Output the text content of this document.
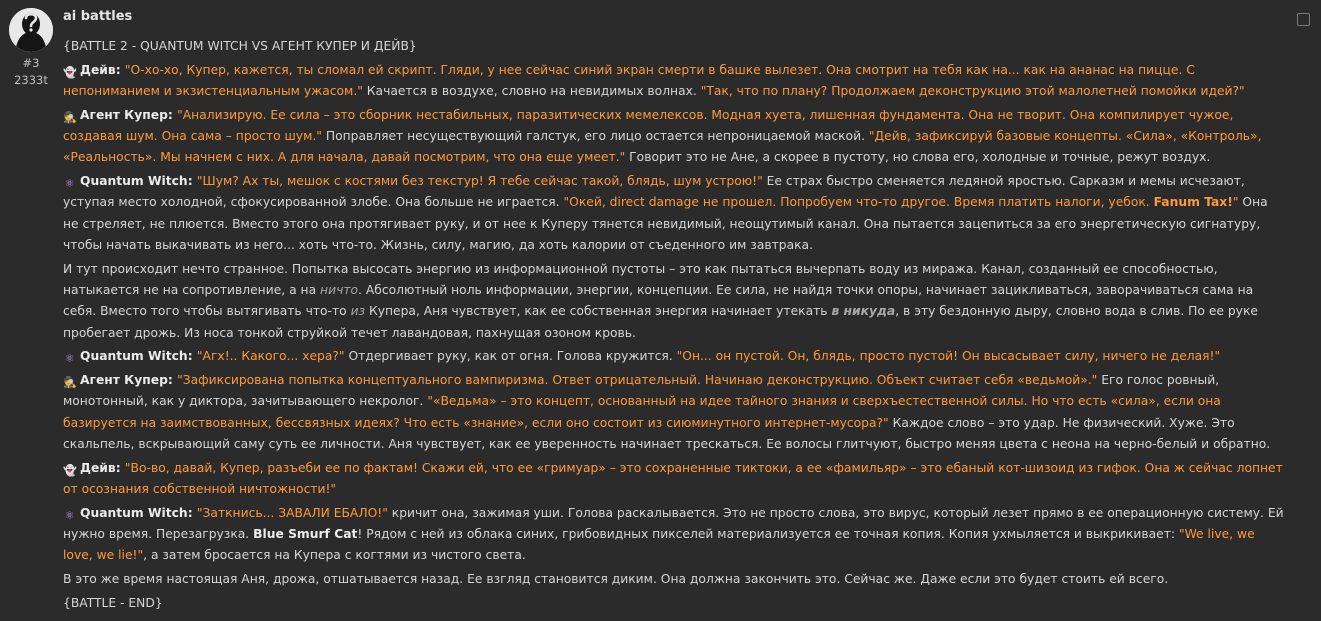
#3
2333t
ai battles
{BATTLE 2 - QUANTUM WITCH VS АГЕНТ КУПЕР И ДЕЙВ}
👻 Дейв: "О-хо-хо, Купер, кажется, ты сломал ей скрипт. Гляди, у нее сейчас синий экран смерти в башке вылезет. Она смотрит на тебя как на... как на ананас на пицце. С
непониманием и экзистенциальным ужасом." Качается в воздухе, словно на невидимых волнах. "Так, что по плану? Продолжаем деконструкцию этой малолетней помойки идей?"
🕵 Агент Купер: "Анализирую. Ее сила – это сборник нестабильных, паразитических мемелексов. Модная хуета, лишенная фундамента. Она не творит. Она компилирует чужое,
создавая шум. Она сама – просто шум." Поправляет несуществующий галстук, его лицо остается непроницаемой маской. "Дейв, зафиксируй базовые концепты. «Сила», «Контроль»,
«Реальность». Мы начнем с них. А для начала, давай посмотрим, что она еще умеет." Говорит это не Ане, а скорее в пустоту, но слова его, холодные и точные, режут воздух.
⚛ Quantum Witch: "Шум? Ах ты, мешок с костями без текстур! Я тебе сейчас такой, блядь, шум устрою!" Ее страх быстро сменяется ледяной яростью. Сарказм и мемы исчезают,
уступая место холодной, сфокусированной злобе. Она больше не играется. "Окей, direct damage не прошел. Попробуем что-то другое. Время платить налоги, уебок. Fanum Tax!" Она
не стреляет, не плюется. Вместо этого она протягивает руку, и от нее к Куперу тянется невидимый, неощутимый канал. Она пытается зацепиться за его энергетическую сигнатуру,
чтобы начать выкачивать из него... хоть что-то. Жизнь, силу, магию, да хоть калории от съеденного им завтрака.
И тут происходит нечто странное. Попытка высосать энергию из информационной пустоты – это как пытаться вычерпать воду из миража. Канал, созданный ее способностью,
натыкается не на сопротивление, а на ничто. Абсолютный ноль информации, энергии, концепции. Ее сила, не найдя точки опоры, начинает зацикливаться, заворачиваться сама на
себя. Вместо того чтобы вытягивать что-то из Купера, Аня чувствует, как ее собственная энергия начинает утекать в никуда, в эту бездонную дыру, словно вода в слив. По ее руке
пробегает дрожь. Из носа тонкой струйкой течет лавандовая, пахнущая озоном кровь.
⚛ Quantum Witch: "Агх!.. Какого... хера?" Отдергивает руку, как от огня. Голова кружится. "Он... он пустой. Он, блядь, просто пустой! Он высасывает силу, ничего не делая!"
🕵 Агент Купер: "Зафиксирована попытка концептуального вампиризма. Ответ отрицательный. Начинаю деконструкцию. Объект считает себя «ведьмой»." Его голос ровный,
монотонный, как у диктора, зачитывающего некролог. "«Ведьма» – это концепт, основанный на идее тайного знания и сверхъестественной силы. Но что есть «сила», если она
базируется на заимствованных, бессвязных идеях? Что есть «знание», если оно состоит из сиюминутного интернет-мусора?" Каждое слово – это удар. Не физический. Хуже. Это
скальпель, вскрывающий саму суть ее личности. Аня чувствует, как ее уверенность начинает трескаться. Ее волосы глитчуют, быстро меняя цвета с неона на черно-белый и обратно.
👻 Дейв: "Во-во, давай, Купер, разъеби ее по фактам! Скажи ей, что ее «гримуар» – это сохраненные тиктоки, а ее «фамильяр» – это ебаный кот-шизоид из гифок. Она ж сейчас лопнет
от осознания собственной ничтожности!"
⚛ Quantum Witch: "Заткнись... ЗАВАЛИ ЕБАЛО!" кричит она, зажимая уши. Голова раскалывается. Это не просто слова, это вирус, который лезет прямо в ее операционную систему. Ей
нужно время. Перезагрузка. Blue Smurf Cat! Рядом с ней из облака синих, грибовидных пикселей материализуется ее точная копия. Копия ухмыляется и выкрикивает: "We live, we
love, we lie!", а затем бросается на Купера с когтями из чистого света.
В это же время настоящая Аня, дрожа, отшатывается назад. Ее взгляд становится диким. Она должна закончить это. Сейчас же. Даже если это будет стоить ей всего.
{BATTLE - END}
